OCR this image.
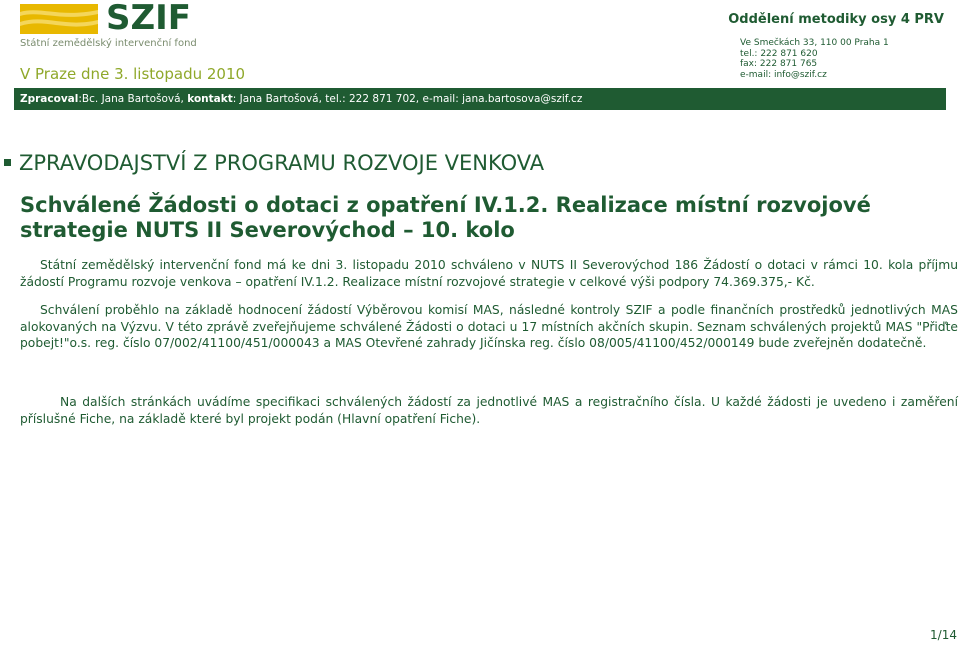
SZIF
Státní zemědělský intervenční fond
V Praze dne 3. listopadu 2010
Oddělení metodiky osy 4 PRV
Ve Smečkách 33, 110 00 Praha 1
tel.: 222 871 620
fax: 222 871 765
e-mail: info@szif.cz
Zpracoval:Bc. Jana Bartošová, kontakt: Jana Bartošová, tel.: 222 871 702, e-mail: jana.bartosova@szif.cz
ZPRAVODAJSTVÍ Z PROGRAMU ROZVOJE VENKOVA
Schválené Žádosti o dotaci z opatření IV.1.2. Realizace místní rozvojové strategie NUTS II Severovýchod – 10. kolo
Státní zemědělský intervenční fond má ke dni 3. listopadu 2010 schváleno v NUTS II Severovýchod 186 Žádostí o dotaci v rámci 10. kola příjmu žádostí Programu rozvoje venkova – opatření IV.1.2. Realizace místní rozvojové strategie v celkové výši podpory 74.369.375,- Kč.
Schválení proběhlo na základě hodnocení žádostí Výběrovou komisí MAS, následné kontroly SZIF a podle finančních prostředků jednotlivých MAS alokovaných na Výzvu. V této zprávě zveřejňujeme schválené Žádosti o dotaci u 17 místních akčních skupin. Seznam schválených projektů MAS "Přiďte pobejt!"o.s. reg. číslo 07/002/41100/451/000043 a MAS Otevřené zahrady Jičínska reg. číslo 08/005/41100/452/000149 bude zveřejněn dodatečně.
Na dalších stránkách uvádíme specifikaci schválených žádostí za jednotlivé MAS a registračního čísla. U každé žádosti je uvedeno i zaměření příslušné Fiche, na základě které byl projekt podán (Hlavní opatření Fiche).
1/14
